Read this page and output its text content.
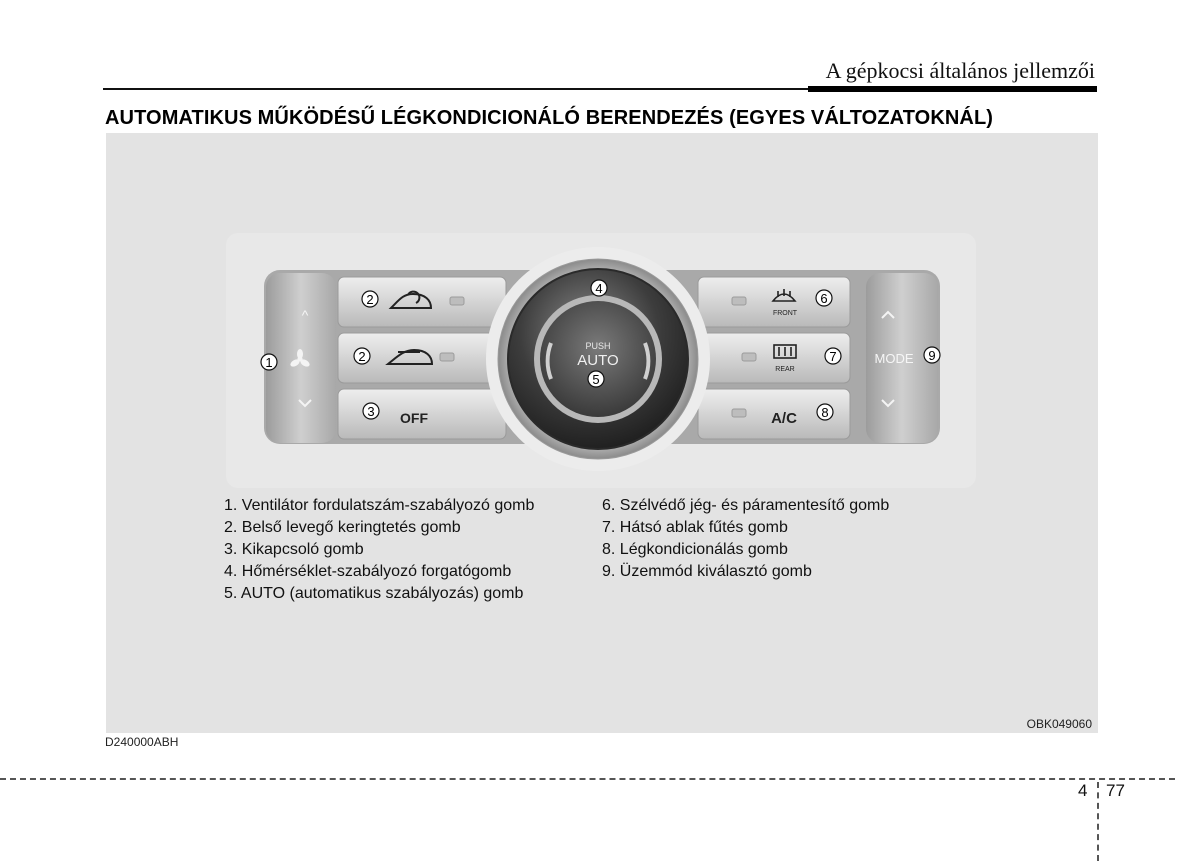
A gépkocsi általános jellemzői
AUTOMATIKUS MŰKÖDÉSŰ LÉGKONDICIONÁLÓ BERENDEZÉS (EGYES VÁLTOZATOKNÁL)
^
OFF
FRONT
REAR
A/C
MODE
PUSH
AUTO
1
2
2
3
4
5
6
7
8
9
1. Ventilátor fordulatszám-szabályozó gomb
2. Belső levegő keringtetés gomb
3. Kikapcsoló gomb
4. Hőmérséklet-szabályozó forgatógomb
5. AUTO (automatikus szabályozás) gomb
6. Szélvédő jég- és páramentesítő gomb
7. Hátsó ablak fűtés gomb
8. Légkondicionálás gomb
9. Üzemmód kiválasztó gomb
OBK049060
D240000ABH
4 77
